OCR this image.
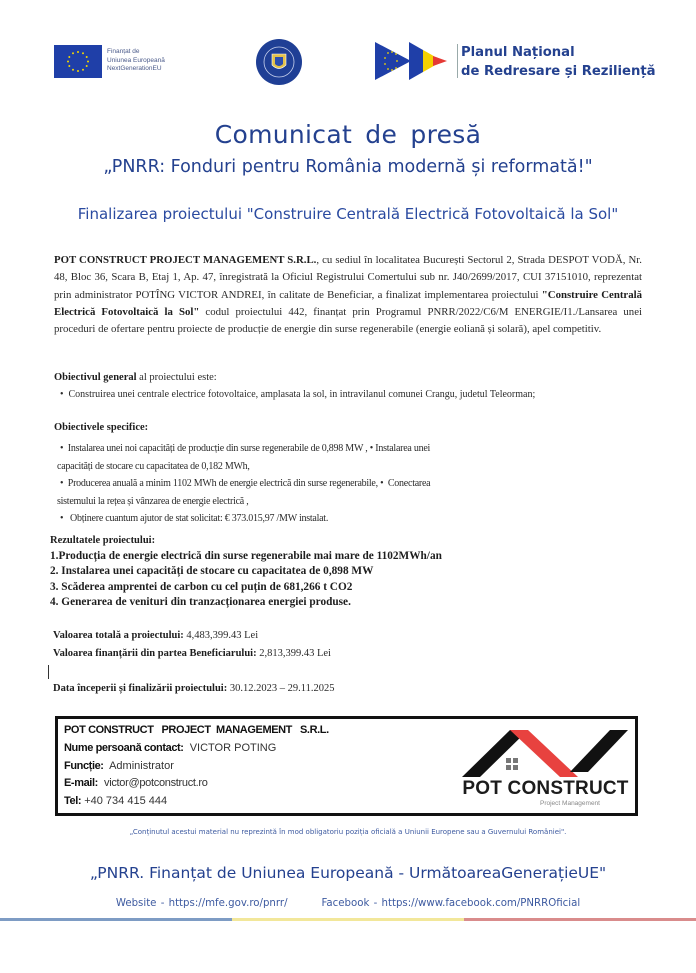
Finanțat de
Uniunea Europeană
NextGenerationEU
Planul Național
de Redresare și Reziliență
Comunicat de presă
„PNRR: Fonduri pentru România modernă și reformată!"
Finalizarea proiectului "Construire Centrală Electrică Fotovoltaică la Sol"
POT CONSTRUCT PROJECT MANAGEMENT S.R.L., cu sediul în localitatea București Sectorul 2, Strada DESPOT VODĂ, Nr. 48, Bloc 36, Scara B, Etaj 1, Ap. 47, înregistrată la Oficiul Registrului Comertului sub nr. J40/2699/2017, CUI 37151010, reprezentat prin administrator POTÎNG VICTOR ANDREI, în calitate de Beneficiar, a finalizat implementarea proiectului "Construire Centrală Electrică Fotovoltaică la Sol" codul proiectului 442, finanțat prin Programul PNRR/2022/C6/M ENERGIE/I1./Lansarea unei proceduri de ofertare pentru proiecte de producție de energie din surse regenerabile (energie eoliană și solară), apel competitiv.
Obiectivul general al proiectului este:
•  Construirea unei centrale electrice fotovoltaice, amplasata la sol, in intravilanul comunei Crangu, judetul Teleorman;
Obiectivele specifice:
•  Instalarea unei noi capacități de producție din surse regenerabile de 0,898 MW , • Instalarea unei
capacități de stocare cu capacitatea de 0,182 MWh,
•  Producerea anuală a minim 1102 MWh de energie electrică din surse regenerabile, •  Conectarea
sistemului la rețea și vânzarea de energie electrică ,
•   Obținere cuantum ajutor de stat solicitat: € 373.015,97 /MW instalat.
Rezultatele proiectului:
1.Producția de energie electrică din surse regenerabile mai mare de 1102MWh/an
2. Instalarea unei capacități de stocare cu capacitatea de 0,898 MW
3. Scăderea amprentei de carbon cu cel puțin de 681,266 t CO2
4. Generarea de venituri din tranzacționarea energiei produse.
Valoarea totală a proiectului: 4,483,399.43 Lei
Valoarea finanțării din partea Beneficiarului: 2,813,399.43 Lei
Data începerii și finalizării proiectului: 30.12.2023 – 29.11.2025
POT CONSTRUCT   PROJECT  MANAGEMENT   S.R.L.
Nume persoană contact: VICTOR POTING
Funcție: Administrator
E-mail: victor@potconstruct.ro
Tel: +40 734 415 444
POT CONSTRUCT
Project Management
„Conținutul acestui material nu reprezintă în mod obligatoriu poziția oficială a Uniunii Europene sau a Guvernului României".
„PNRR. Finanțat de Uniunea Europeană - UrmătoareaGenerațieUE"
Website - https://mfe.gov.ro/pnrr/	Facebook - https://www.facebook.com/PNRROficial
